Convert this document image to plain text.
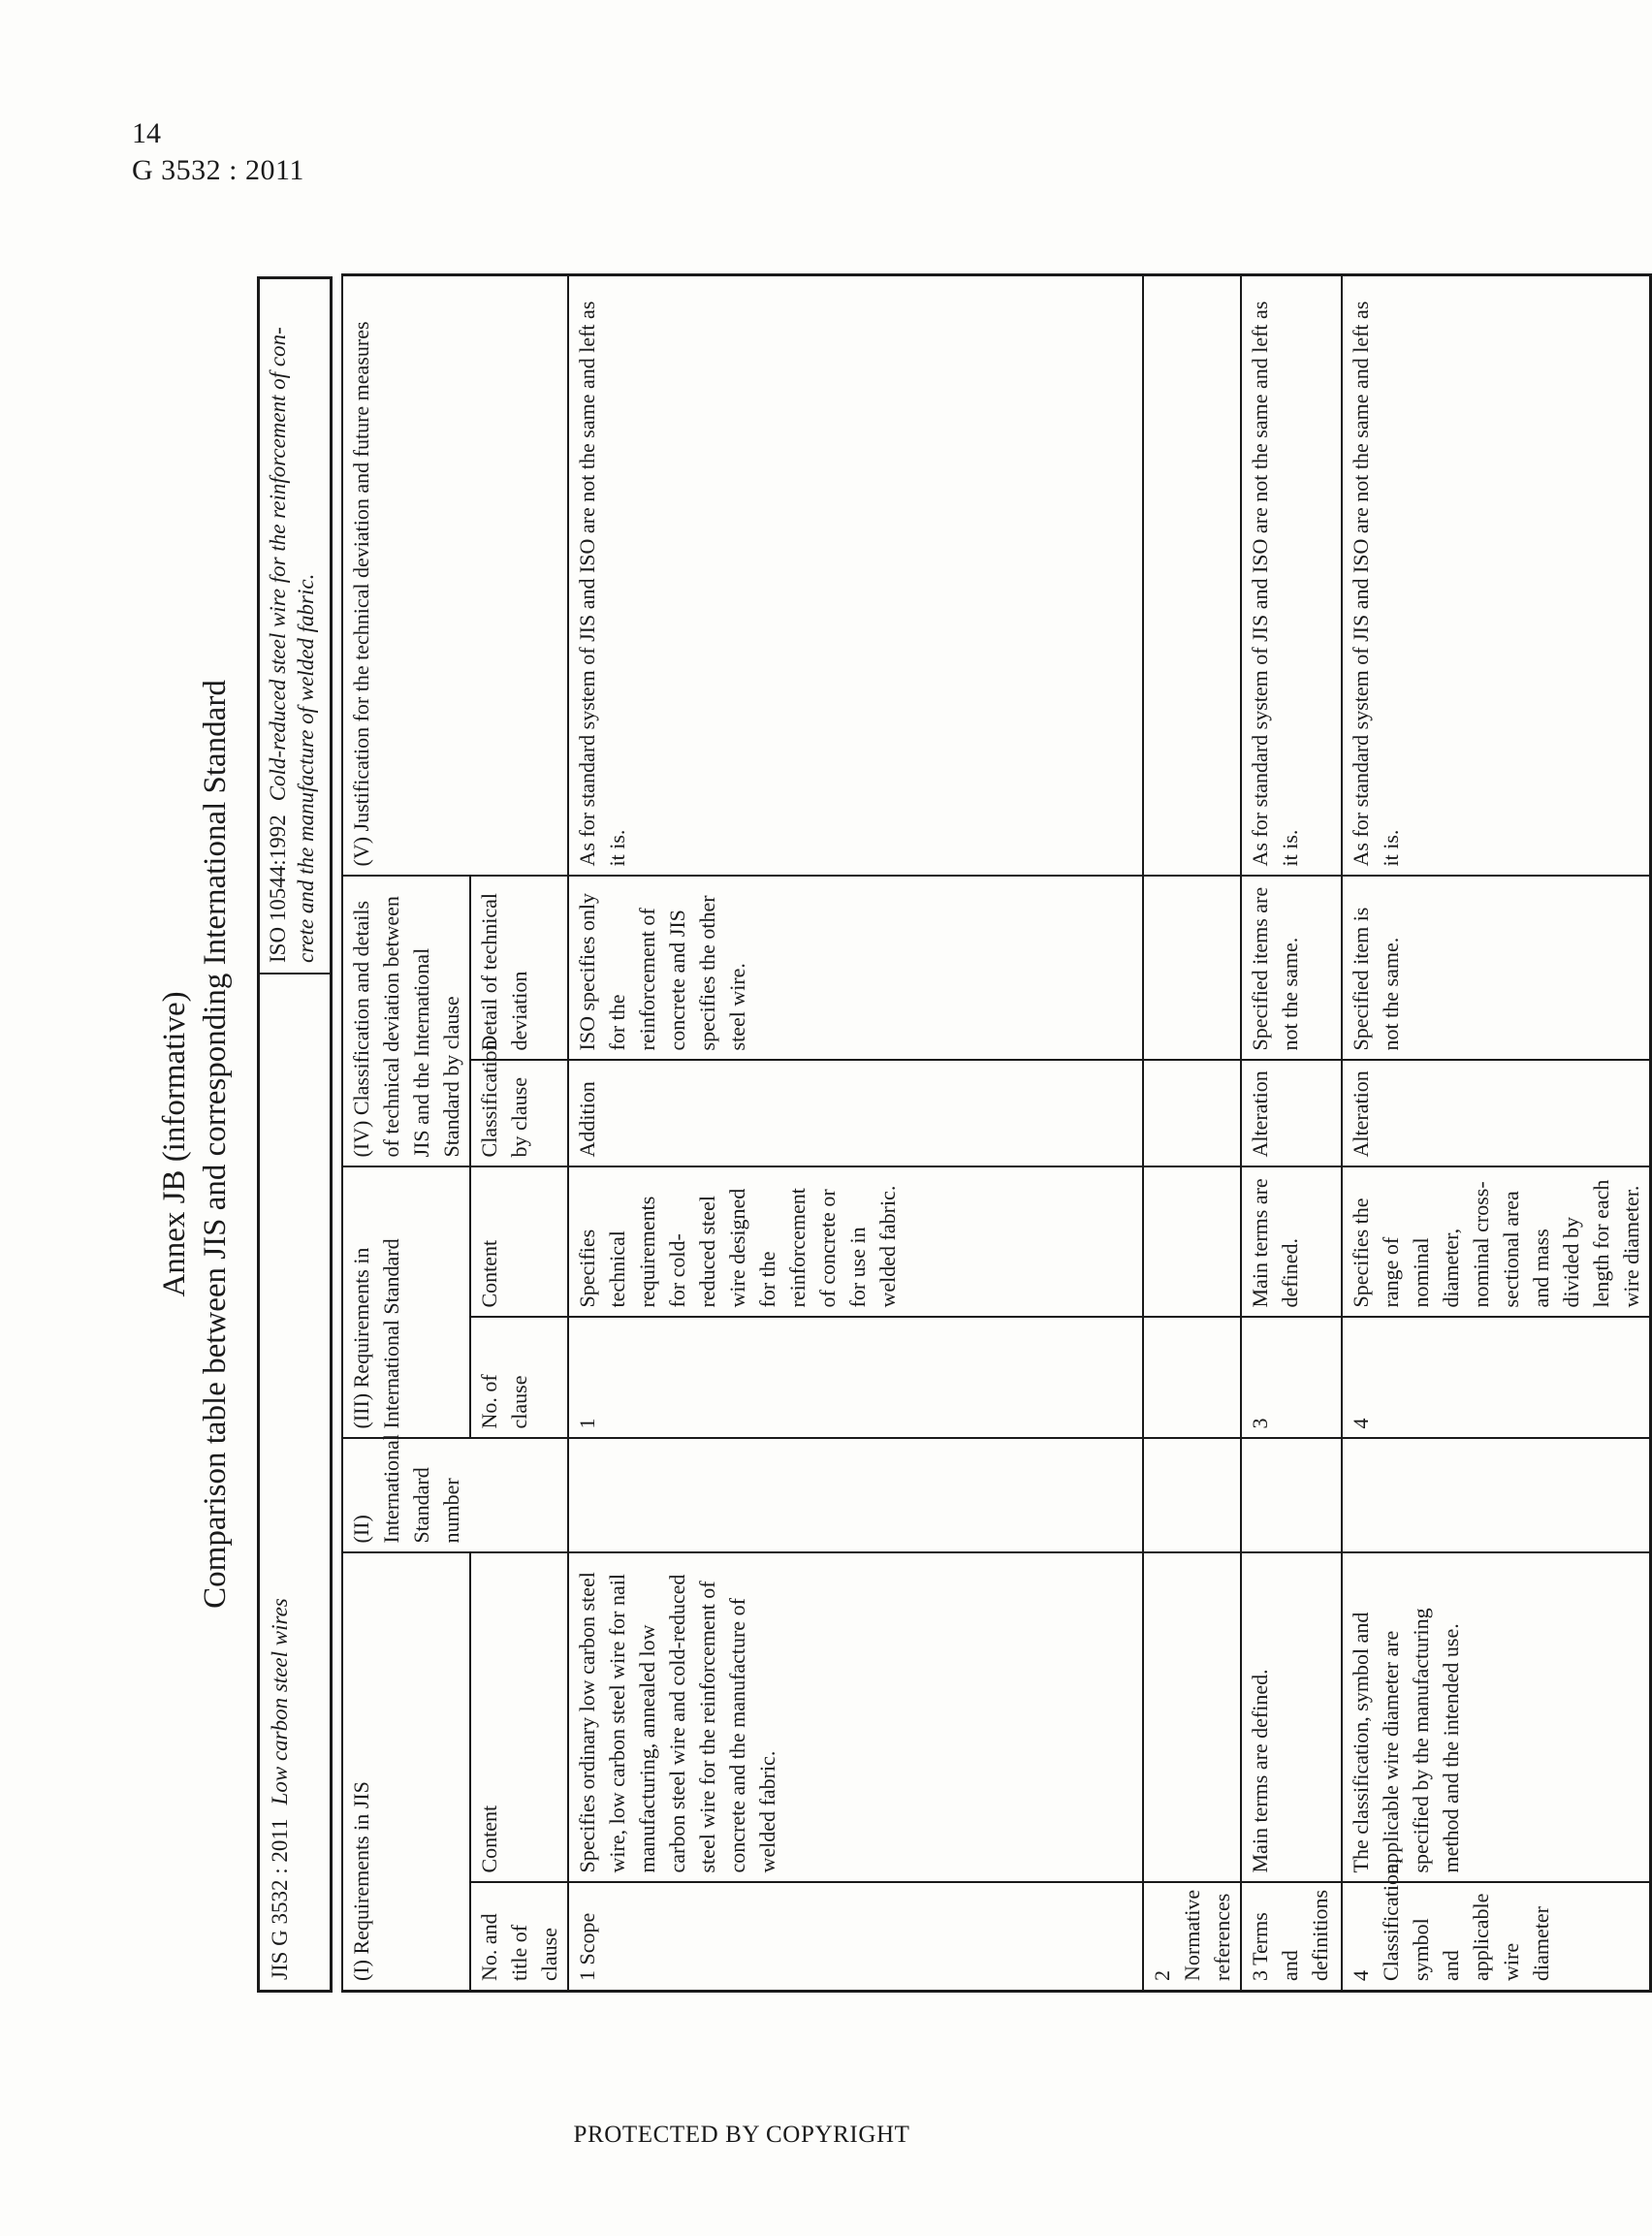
14
G 3532 : 2011
Annex JB (informative) Comparison table between JIS and corresponding International Standard
JIS G 3532 : 2011Low carbon steel wires
ISO 10544:1992Cold-reduced steel wire for the reinforcement of con- crete and the manufacture of welded fabric.
(I) Requirements in JIS		(II) International Standard number	(III) Requirements in International Standard		(IV) Classification and details of technical deviation between JIS and the International Standard by clause		(V) Justification for the technical deviation and future measures
No. and title of clause	Content		No. of clause	Content	Classification by clause	Detail of technical deviation	
1 Scope	Specifies ordinary low carbon steel wire, low carbon steel wire for nail manufacturing, annealed low carbon steel wire and cold-reduced steel wire for the reinforcement of concrete and the manufacture of welded fabric.		1	Specifies technical requirements for cold-reduced steel wire designed for the reinforcement of concrete or for use in welded fabric.	Addition	ISO specifies only for the reinforcement of concrete and JIS specifies the other steel wire.	As for standard system of JIS and ISO are not the same and left as it is.
2 Normative references							
3 Terms and definitions	Main terms are defined.		3	Main terms are defined.	Alteration	Specified items are not the same.	As for standard system of JIS and ISO are not the same and left as it is.
4 Classification, symbol and applicable wire diameter	The classification, symbol and applicable wire diameter are specified by the manufacturing method and the intended use.		4	Specifies the range of nominal diameter, nominal cross-sectional area and mass divided by length for each wire diameter.	Alteration	Specified item is not the same.	As for standard system of JIS and ISO are not the same and left as it is.
PROTECTED BY COPYRIGHT
